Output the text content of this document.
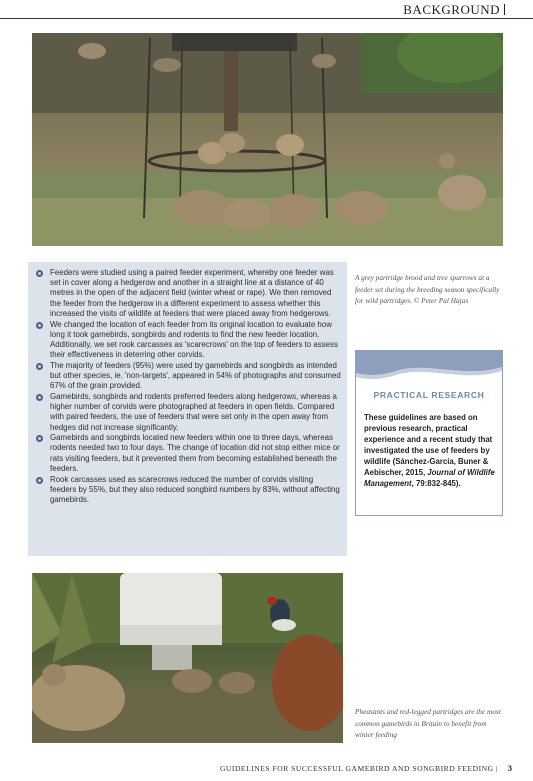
BACKGROUND
Feeders were studied using a paired feeder experiment, whereby one feeder was set in cover along a hedgerow and another in a straight line at a distance of 40 metres in the open of the adjacent field (winter wheat or rape). We then removed the feeder from the hedgerow in a different experiment to assess whether this increased the visits of wildlife at feeders that were placed away from hedgerows.
We changed the location of each feeder from its original location to evaluate how long it took gamebirds, songbirds and rodents to find the new feeder location. Additionally, we set rook carcasses as 'scarecrows' on the top of feeders to assess their effectiveness in deterring other corvids.
The majority of feeders (95%) were used by gamebirds and songbirds as intended but other species, ie. 'non-targets', appeared in 54% of photographs and consumed 67% of the grain provided.
Gamebirds, songbirds and rodents preferred feeders along hedgerows, whereas a higher number of corvids were photographed at feeders in open fields. Compared with paired feeders, the use of feeders that were set only in the open away from hedges did not increase significantly.
Gamebirds and songbirds located new feeders within one to three days, whereas rodents needed two to four days. The change of location did not stop either mice or rats visiting feeders, but it prevented them from becoming established beneath the feeders.
Rook carcasses used as scarecrows reduced the number of corvids visiting feeders by 55%, but they also reduced songbird numbers by 83%, without affecting gamebirds.
A grey partridge brood and tree sparrows at a feeder set during the breeding season specifically for wild partridges. © Peter Pal Hajas
PRACTICAL RESEARCH
These guidelines are based on previous research, practical experience and a recent study that investigated the use of feeders by wildlife (Sánchez-García, Buner & Aebischer, 2015, Journal of Wildlife Management, 79:832-845).
Pheasants and red-legged partridges are the most common gamebirds in Britain to benefit from winter feeding
GUIDELINES FOR SUCCESSFUL GAMEBIRD AND SONGBIRD FEEDING | 3
